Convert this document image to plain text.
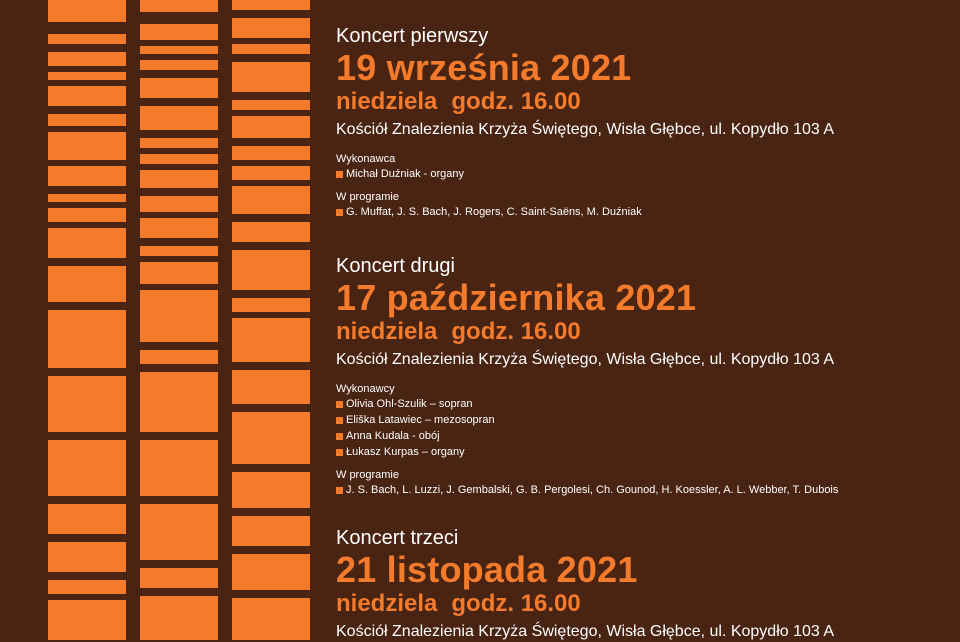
Koncert pierwszy

19 września 2021

niedziela godz. 16.00

Kościół Znalezienia Krzyża Świętego, Wisła Głębce, ul. Kopydło 103 A

Wykonawca

Michał Duźniak - organy

W programie

G. Muffat, J. S. Bach, J. Rogers, C. Saint-Saëns, M. Duźniak

Koncert drugi

17 października 2021

niedziela godz. 16.00

Kościół Znalezienia Krzyża Świętego, Wisła Głębce, ul. Kopydło 103 A

Wykonawcy

Olivia Ohl-Szulik – sopran

Eliška Latawiec – mezosopran

Anna Kudala - obój

Łukasz Kurpas – organy

W programie

J. S. Bach, L. Luzzi, J. Gembalski, G. B. Pergolesi, Ch. Gounod, H. Koessler, A. L. Webber, T. Dubois

Koncert trzeci

21 listopada 2021

niedziela godz. 16.00

Kościół Znalezienia Krzyża Świętego, Wisła Głębce, ul. Kopydło 103 A
